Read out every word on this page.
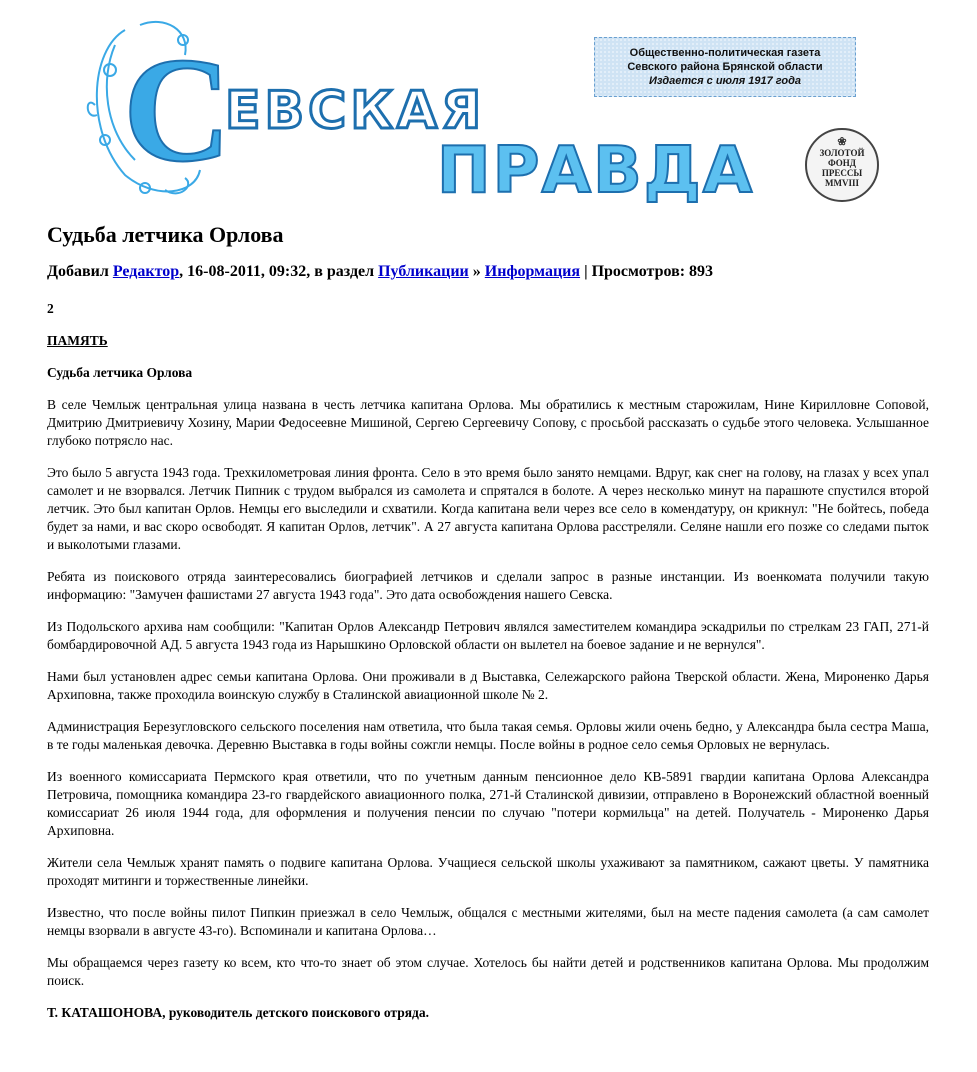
С
ЕВСКАЯ
ПРАВДА
Общественно-политическая газета
Севского района Брянской области

Издается с июля 1917 года
❀
ЗОЛОТОЙ
ФОНД
ПРЕССЫ
MMVIII
Судьба летчика Орлова
Добавил Редактор, 16-08-2011, 09:32, в раздел Публикации » Информация | Просмотров: 893

2

ПАМЯТЬ

Судьба летчика Орлова

В селе Чемлыж центральная улица названа в честь летчика капитана Орлова. Мы обратились к местным старожилам, Нине Кирилловне Соповой, Дмитрию Дмитриевичу Хозину, Марии Федосеевне Мишиной, Сергею Сергеевичу Сопову, с просьбой рассказать о судьбе этого человека. Услышанное глубоко потрясло нас.

Это было 5 августа 1943 года. Трехкилометровая линия фронта. Село в это время было занято немцами. Вдруг, как снег на голову, на глазах у всех упал самолет и не взорвался. Летчик Пипник с трудом выбрался из самолета и спрятался в болоте. А через несколько минут на парашюте спустился второй летчик. Это был капитан Орлов. Немцы его выследили и схватили. Когда капитана вели через все село в комендатуру, он крикнул: "Не бойтесь, победа будет за нами, и вас скоро освободят. Я капитан Орлов, летчик". А 27 августа капитана Орлова расстреляли. Селяне нашли его позже со следами пыток и выколотыми глазами.

Ребята из поискового отряда заинтересовались биографией летчиков и сделали запрос в разные инстанции. Из военкомата получили такую информацию: "Замучен фашистами 27 августа 1943 года". Это дата освобождения нашего Севска.

Из Подольского архива нам сообщили: "Капитан Орлов Александр Петрович являлся заместителем командира эскадрильи по стрелкам 23 ГАП, 271-й бомбардировочной АД. 5 августа 1943 года из Нарышкино Орловской области он вылетел на боевое задание и не вернулся".

Нами был установлен адрес семьи капитана Орлова. Они проживали в д Выставка, Сележарского района Тверской области. Жена, Мироненко Дарья Архиповна, также проходила воинскую службу в Сталинской авиационной школе № 2.

Администрация Березугловского сельского поселения нам ответила, что была такая семья. Орловы жили очень бедно, у Александра была сестра Маша, в те годы маленькая девочка. Деревню Выставка в годы войны сожгли немцы. После войны в родное село семья Орловых не вернулась.

Из военного комиссариата Пермского края ответили, что по учетным данным пенсионное дело КВ-5891 гвардии капитана Орлова Александра Петровича, помощника командира 23-го гвардейского авиационного полка, 271-й Сталинской дивизии, отправлено в Воронежский областной военный комиссариат 26 июля 1944 года, для оформления и получения пенсии по случаю "потери кормильца" на детей. Получатель - Мироненко Дарья Архиповна.

Жители села Чемлыж хранят память о подвиге капитана Орлова. Учащиеся сельской школы ухаживают за памятником, сажают цветы. У памятника проходят митинги и торжественные линейки.

Известно, что после войны пилот Пипкин приезжал в село Чемлыж, общался с местными жителями, был на месте падения самолета (а сам самолет немцы взорвали в августе 43-го). Вспоминали и капитана Орлова…

Мы обращаемся через газету ко всем, кто что-то знает об этом случае. Хотелось бы найти детей и родственников капитана Орлова. Мы продолжим поиск.

Т. КАТАШОНОВА, руководитель детского поискового отряда.
